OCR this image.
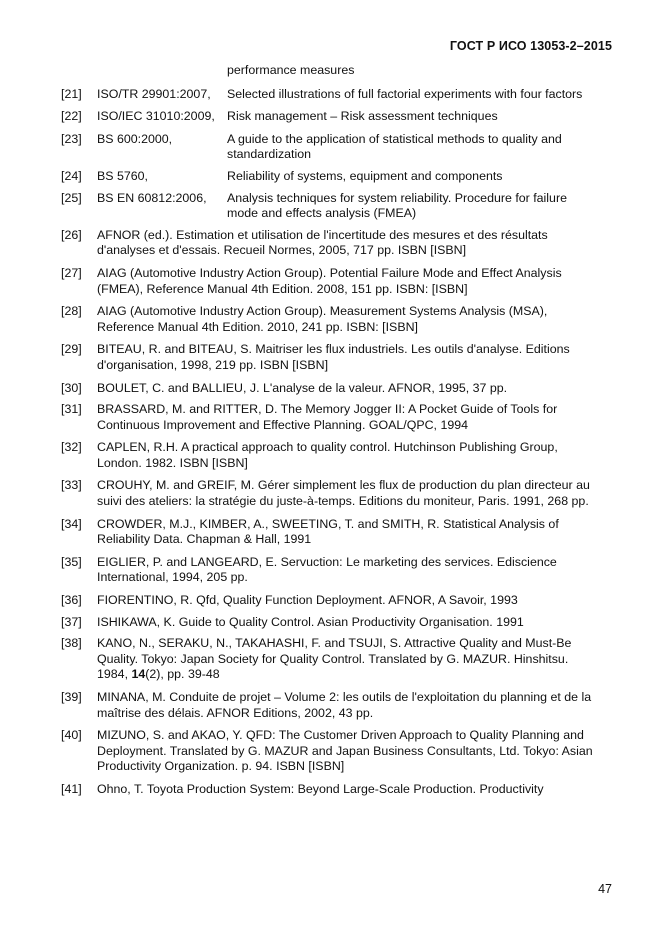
ГОСТ Р ИСО 13053-2–2015
performance measures
[21] ISO/TR 29901:2007,	Selected illustrations of full factorial experiments with four factors
[22] ISO/IEC 31010:2009, Risk management – Risk assessment techniques
[23] BS 600:2000,	A guide to the application of statistical methods to quality and standardization
[24] BS 5760,	Reliability of systems, equipment and components
[25] BS EN 60812:2006,	Analysis techniques for system reliability. Procedure for failure mode and effects analysis (FMEA)
[26] AFNOR (ed.). Estimation et utilisation de l'incertitude des mesures et des résultats d'analyses et d'essais. Recueil Normes, 2005, 717 pp. ISBN [ISBN]
[27] AIAG (Automotive Industry Action Group). Potential Failure Mode and Effect Analysis (FMEA), Reference Manual 4th Edition. 2008, 151 pp. ISBN: [ISBN]
[28] AIAG (Automotive Industry Action Group). Measurement Systems Analysis (MSA), Reference Manual 4th Edition. 2010, 241 pp. ISBN: [ISBN]
[29] BITEAU, R. and BITEAU, S. Maitriser les flux industriels. Les outils d'analyse. Editions d'organisation, 1998, 219 pp. ISBN [ISBN]
[30] BOULET, C. and BALLIEU, J. L'analyse de la valeur. AFNOR, 1995, 37 pp.
[31] BRASSARD, M. and RITTER, D. The Memory Jogger II: A Pocket Guide of Tools for Continuous Improvement and Effective Planning. GOAL/QPC, 1994
[32] CAPLEN, R.H. A practical approach to quality control. Hutchinson Publishing Group, London. 1982. ISBN [ISBN]
[33] CROUHY, M. and GREIF, M. Gérer simplement les flux de production du plan directeur au suivi des ateliers: la stratégie du juste-à-temps. Editions du moniteur, Paris. 1991, 268 pp.
[34] CROWDER, M.J., KIMBER, A., SWEETING, T. and SMITH, R. Statistical Analysis of Reliability Data. Chapman & Hall, 1991
[35] EIGLIER, P. and LANGEARD, E. Servuction: Le marketing des services. Ediscience International, 1994, 205 pp.
[36] FIORENTINO, R. Qfd, Quality Function Deployment. AFNOR, A Savoir, 1993
[37] ISHIKAWA, K. Guide to Quality Control. Asian Productivity Organisation. 1991
[38] KANO, N., SERAKU, N., TAKAHASHI, F. and TSUJI, S. Attractive Quality and Must-Be Quality. Tokyo: Japan Society for Quality Control. Translated by G. MAZUR. Hinshitsu. 1984, 14(2), pp. 39-48
[39] MINANA, M. Conduite de projet – Volume 2: les outils de l'exploitation du planning et de la maîtrise des délais. AFNOR Editions, 2002, 43 pp.
[40] MIZUNO, S. and AKAO, Y. QFD: The Customer Driven Approach to Quality Planning and Deployment. Translated by G. MAZUR and Japan Business Consultants, Ltd. Tokyo: Asian Productivity Organization. p. 94. ISBN [ISBN]
[41] Ohno, T. Toyota Production System: Beyond Large-Scale Production. Productivity
47
